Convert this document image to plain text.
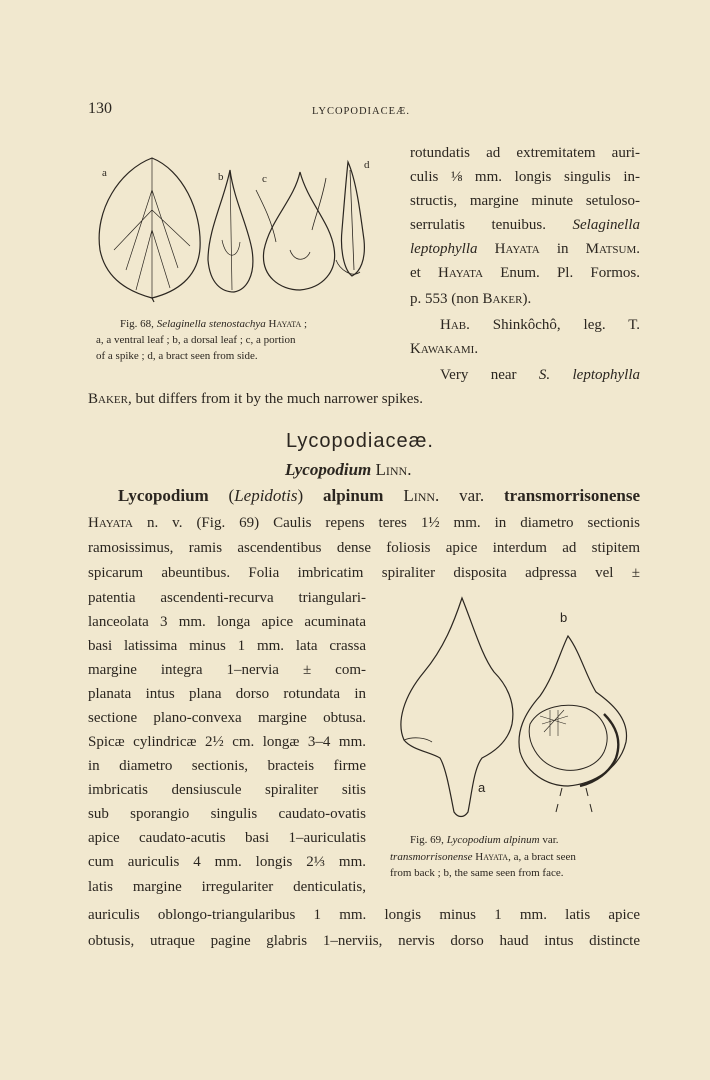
130	LYCOPODIACEÆ.
a	b	c
d
Fig. 68, Selaginella stenostachya Hayata ;
a, a ventral leaf ; b, a dorsal leaf ; c, a portion
of a spike ; d, a bract seen from side.
rotundatis ad extremitatem auri-
culis ⅛ mm. longis singulis in-
structis, margine minute setuloso-
serrulatis tenuibus. Selaginella
leptophylla Hayata in Matsum.
et Hayata Enum. Pl. Formos.
p. 553 (non Baker).
Hab. Shinkôchô, leg. T.
Kawakami.
Very near S. leptophylla
Baker, but differs from it by the much narrower spikes.
Lycopodiaceæ.
Lycopodium Linn.
Lycopodium (Lepidotis) alpinum Linn. var. transmorrisonense
Hayata n. v. (Fig. 69) Caulis repens teres 1½ mm. in diametro sectionis
ramosissimus, ramis ascendentibus dense foliosis apice interdum ad stipitem
spicarum abeuntibus. Folia imbricatim spiraliter disposita adpressa vel ±
patentia ascendenti-recurva triangulari-
lanceolata 3 mm. longa apice acuminata
basi latissima minus 1 mm. lata crassa
margine integra 1–nervia ± com-
planata intus plana dorso rotundata in
sectione plano-convexa margine obtusa.
Spicæ cylindricæ 2½ cm. longæ 3–4 mm.
in diametro sectionis, bracteis firme
imbricatis densiuscule spiraliter sitis
sub sporangio singulis caudato-ovatis
apice caudato-acutis basi 1–auriculatis
cum auriculis 4 mm. longis 2⅓ mm.
latis margine irregulariter denticulatis,
auriculis oblongo-triangularibus 1 mm. longis minus 1 mm. latis apice
obtusis, utraque pagine glabris 1–nerviis, nervis dorso haud intus distincte
a
b
Fig. 69, Lycopodium alpinum var.
transmorrisonense Hayata, a, a bract seen
from back ; b, the same seen from face.
